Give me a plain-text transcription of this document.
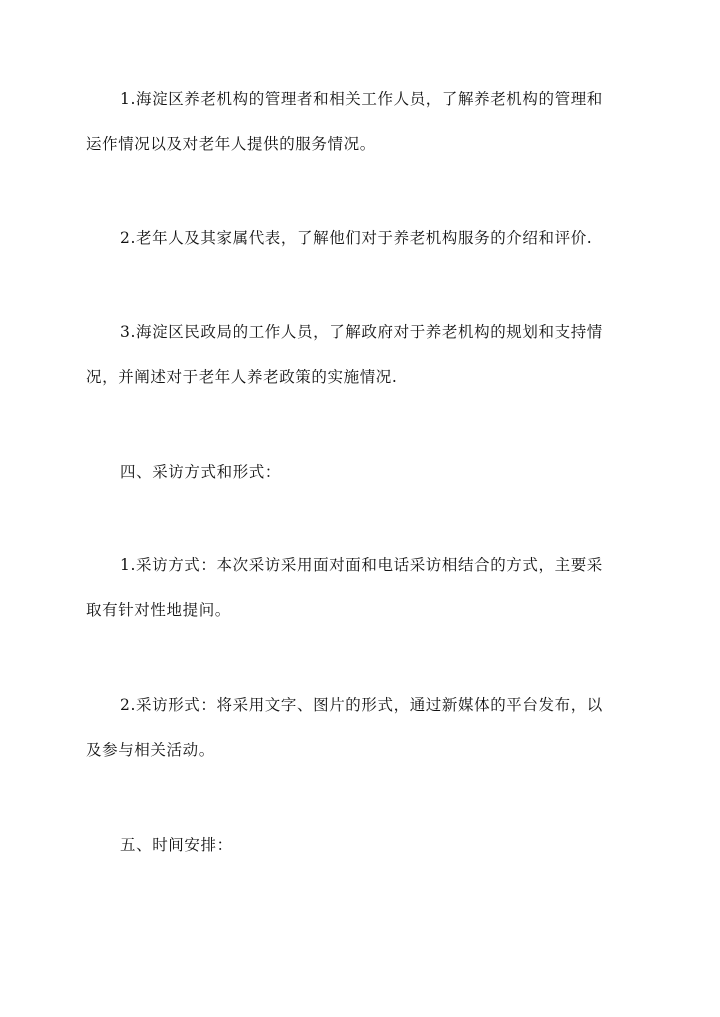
1.海淀区养老机构的管理者和相关工作人员，了解养老机构的管理和
运作情况以及对老年人提供的服务情况。

2.老年人及其家属代表，了解他们对于养老机构服务的介绍和评价.

3.海淀区民政局的工作人员，了解政府对于养老机构的规划和支持情
况，并阐述对于老年人养老政策的实施情况.

四、采访方式和形式：

1.采访方式：本次采访采用面对面和电话采访相结合的方式，主要采
取有针对性地提问。

2.采访形式：将采用文字、图片的形式，通过新媒体的平台发布，以
及参与相关活动。

五、时间安排：
